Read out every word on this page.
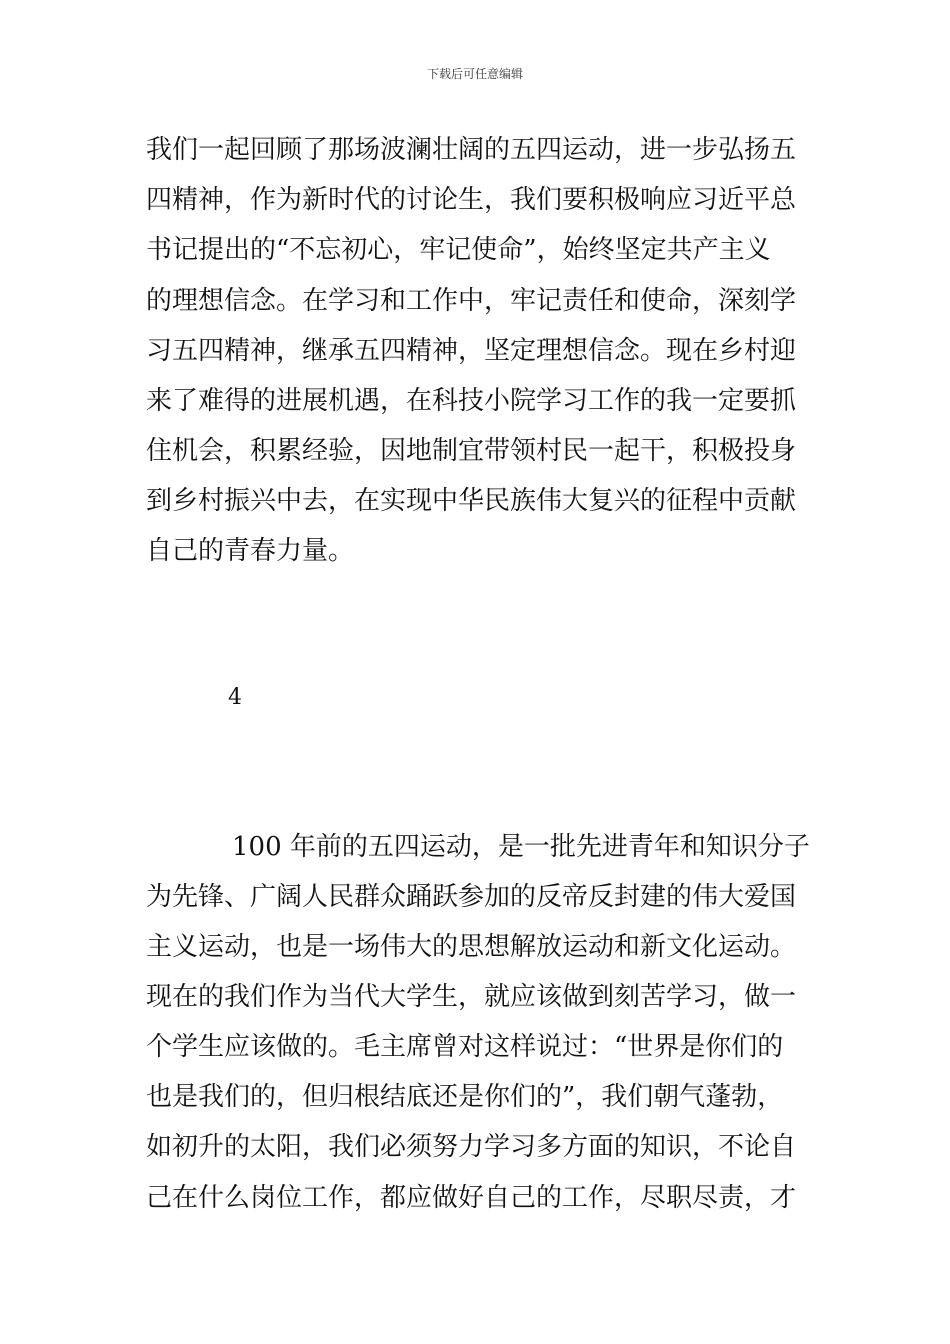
下载后可任意编辑
我们一起回顾了那场波澜壮阔的五四运动，进一步弘扬五
四精神，作为新时代的讨论生，我们要积极响应习近平总
书记提出的“不忘初心，牢记使命”，始终坚定共产主义
的理想信念。在学习和工作中，牢记责任和使命，深刻学
习五四精神，继承五四精神，坚定理想信念。现在乡村迎
来了难得的进展机遇，在科技小院学习工作的我一定要抓
住机会，积累经验，因地制宜带领村民一起干，积极投身
到乡村振兴中去，在实现中华民族伟大复兴的征程中贡献
自己的青春力量。
4
100 年前的五四运动，是一批先进青年和知识分子
为先锋、广阔人民群众踊跃参加的反帝反封建的伟大爱国
主义运动，也是一场伟大的思想解放运动和新文化运动。
现在的我们作为当代大学生，就应该做到刻苦学习，做一
个学生应该做的。毛主席曾对这样说过：“世界是你们的
也是我们的，但归根结底还是你们的”，我们朝气蓬勃，
如初升的太阳，我们必须努力学习多方面的知识，不论自
己在什么岗位工作，都应做好自己的工作，尽职尽责，才
